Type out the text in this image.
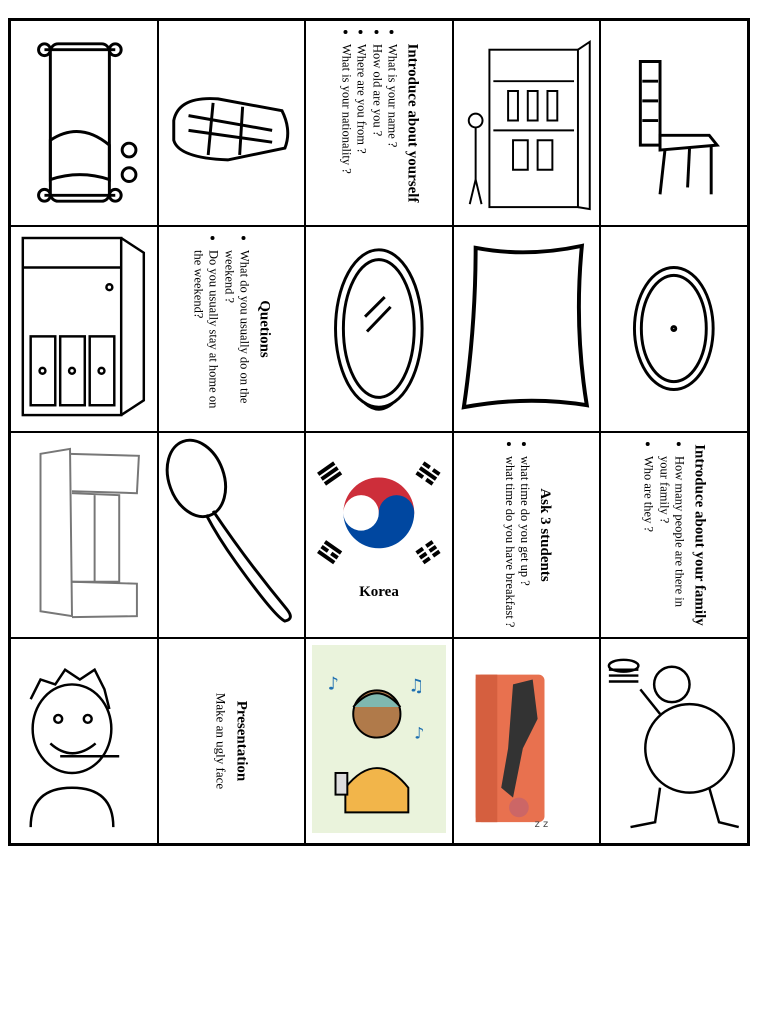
Introduce about yourself
• What is your name ?
• How old are you ?
• Where are you from ?
• What is your nationality ?
Quetions
• What do you usually do on the weekend ?
• Do you usually stay at home on the weekend?
Korea
Ask 3 students
• what time do you get up ?
• what time do you have breakfast ?	Introduce about your family
• How many people are there in your family ?
• Who are they ?
Presentation

Make an ugly face

♪	♫
♪
z z
